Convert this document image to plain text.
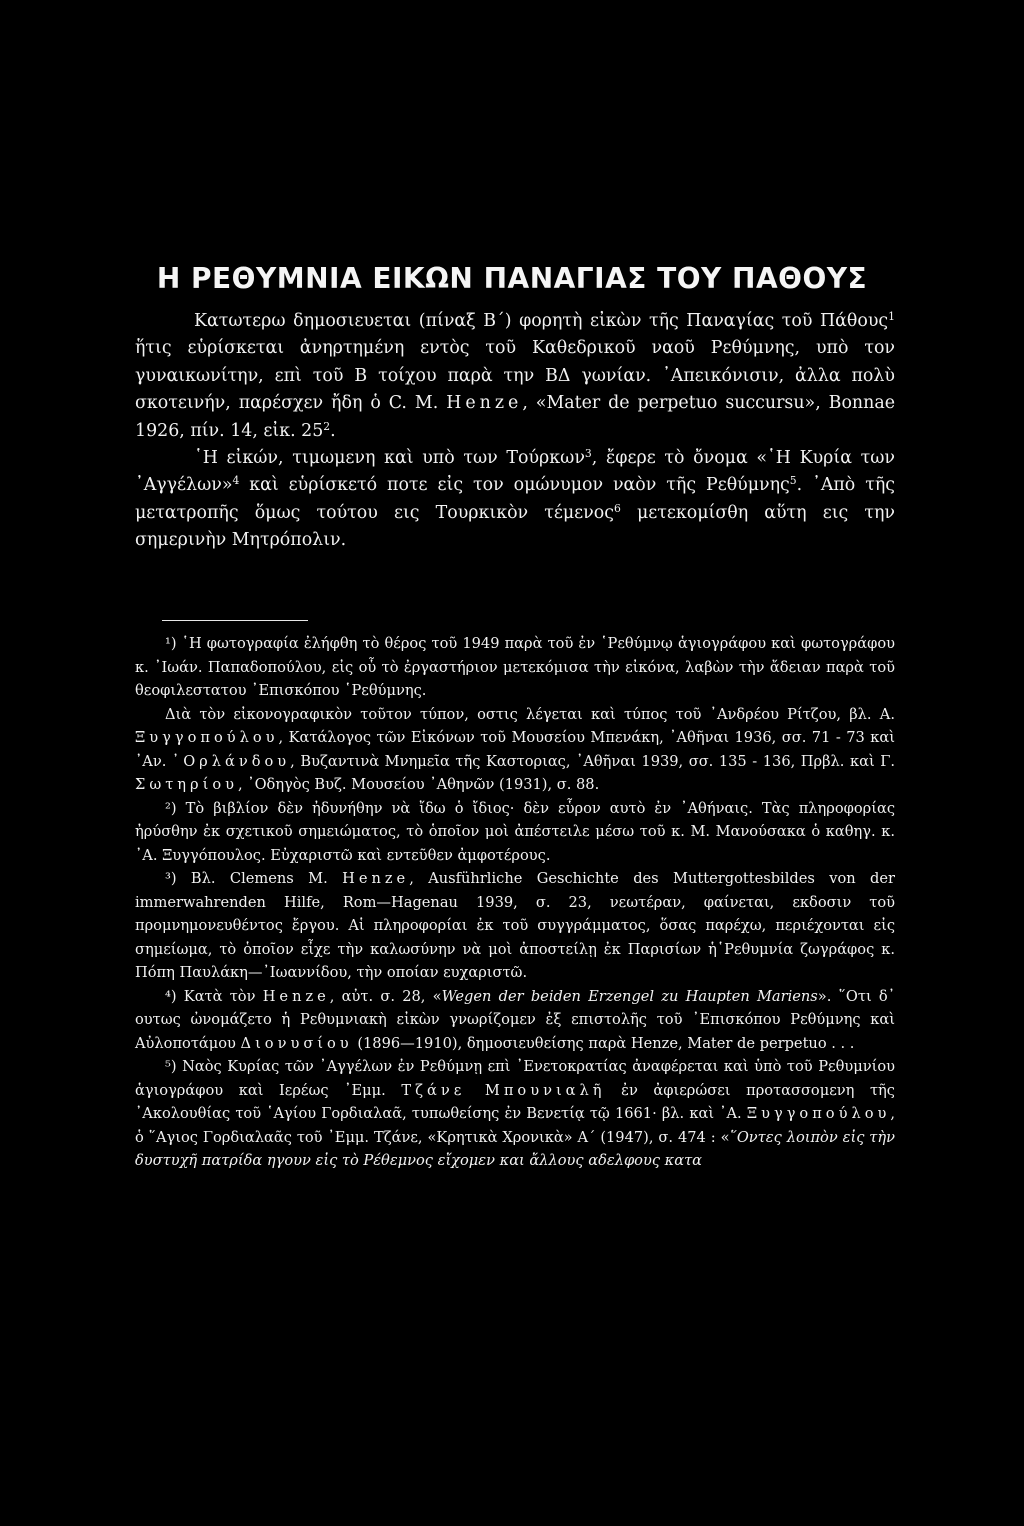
Η ΡΕΘΥΜΝΙΑ ΕΙΚΩΝ ΠΑΝΑΓΙΑΣ ΤΟΥ ΠΑΘΟΥΣ

Κατωτερω δημοσιευεται (πίναξ Β΄) φορητὴ εἰκὼν τῆς Παναγίας τοῦ Πάθους$^1$ ἥτις εὑρίσκεται ἀνηρτημένη εντὸς τοῦ Καθεδρικοῦ ναοῦ Ρεθύμνης, υπὸ τον γυναικωνίτην, επὶ τοῦ Β τοίχου παρὰ την ΒΔ γωνίαν. ᾿Απεικόνισιν, ἀλλα πολὺ σκοτεινήν, παρέσχεν ἤδη ὁ C. M. Henze, «Mater de perpetuo succursu», Bonnae 1926, πίν. 14, εἰκ. $25^2$.

῾Η εἰκών, τιμωμενη καὶ υπὸ των Τούρκων$^3$, ἔφερε τὸ ὄνομα «῾Η Κυρία των ᾿Αγγέλων»$^4$ καὶ εὑρίσκετό ποτε εἰς τον ομώνυμον ναὸν τῆς Ρεθύμνης$^5$. ᾿Απὸ τῆς μετατροπῆς ὅμως τούτου εις Τουρκικὸν τέμενος$^6$ μετεκομίσθη αὕτη εις την σημερινὴν Μητρόπολιν.

¹) ῾Η φωτογραφία ἐλήφθη τὸ θέρος τοῦ 1949 παρὰ τοῦ ἐν ῾Ρεθύμνῳ ἁγιογράφου καὶ φωτογράφου κ. ᾿Ιωάν. Παπαδοπούλου, εἰς οὗ τὸ ἐργαστήριον μετεκόμισα τὴν εἰκόνα, λαβὼν τὴν ἄδειαν παρὰ τοῦ θεοφιλεστατου ᾿Επισκόπου ῾Ρεθύμνης.

Διὰ τὸν εἰκονογραφικὸν τοῦτον τύπον, οστις λέγεται καὶ τύπος τοῦ ᾿Ανδρέου Ρίτζου, βλ. Α. Ξυγγοπούλου, Κατάλογος τῶν Εἰκόνων τοῦ Μουσείου Μπενάκη, ᾿Αθῆναι 1936, σσ. 71 - 73 καὶ ᾿Αν. ᾿Ορλάνδου, Βυζαντινὰ Μνημεῖα τῆς Καστοριας, ᾿Αθῆναι 1939, σσ. 135 - 136, Πρβλ. καὶ Γ. Σωτηρίου, ᾿Οδηγὸς Βυζ. Μουσείου ᾿Αθηνῶν (1931), σ. 88.

²) Τὸ βιβλίον δὲν ἠδυνήθην νὰ ἴδω ὁ ἴδιος· δὲν εὗρον αυτὸ ἐν ᾿Αθήναις. Τὰς πληροφορίας ἠρύσθην ἐκ σχετικοῦ σημειώματος, τὸ ὁποῖον μοὶ ἀπέστειλε μέσω τοῦ κ. Μ. Μανούσακα ὁ καθηγ. κ. ᾿Α. Ξυγγόπουλος. Εὐχαριστῶ καὶ εντεῦθεν ἀμφοτέρους.

³) Βλ. Clemens M. Henze, Ausführliche Geschichte des Muttergottesbildes von der immerwahrenden Hilfe, Rom—Hagenau 1939, σ. 23, νεωτέραν, φαίνεται, εκδοσιν τοῦ προμνημονευθέντος ἔργου. Αἱ πληροφορίαι ἐκ τοῦ συγγράμματος, ὅσας παρέχω, περιέχονται εἰς σημείωμα, τὸ ὁποῖον εἶχε τὴν καλωσύνην νὰ μοὶ ἀποστείλῃ ἐκ Παρισίων ἡ῾Ρεθυμνία ζωγράφος κ. Πόπη Παυλάκη—᾿Ιωαννίδου, τὴν οποίαν ευχαριστῶ.

⁴) Κατὰ τὸν Henze, αὐτ. σ. 28, «Wegen der beiden Erzengel zu Haupten Mariens». ῞Οτι δ᾿ ουτως ὠνομάζετο ἡ Ρεθυμνιακὴ εἰκὼν γνωρίζομεν ἐξ επιστολῆς τοῦ ᾿Επισκόπου Ρεθύμνης καὶ Αὐλοποτάμου Διονυσίου (1896—1910), δημοσιευθείσης παρὰ Henze, Mater de perpetuo . . .

⁵) Ναὸς Κυρίας τῶν ᾿Αγγέλων ἐν Ρεθύμνῃ επὶ ᾿Ενετοκρατίας ἀναφέρεται καὶ ὑπὸ τοῦ Ρεθυμνίου ἁγιογράφου καὶ Ιερέως ᾿Εμμ. Τζάνε Μπουνιαλῆ ἐν ἀφιερώσει προτασσομενη τῆς ᾿Ακολουθίας τοῦ ῾Αγίου Γορδιαλαᾶ, τυπωθείσης ἐν Βενετίᾳ τῷ 1661· βλ. καὶ ᾿Α. Ξυγγοπούλου, ὁ ῞Αγιος Γορδιαλαᾶς τοῦ ᾿Εμμ. Τζάνε, «Κρητικὰ Χρονικὰ» Α΄ (1947), σ. 474 : «῞Οντες λοιπὸν εἰς τὴν δυστυχῆ πατρίδα ηγουν εἰς τὸ Ρέθεμνος εἴχομεν και ἄλλους αδελφους κατα
